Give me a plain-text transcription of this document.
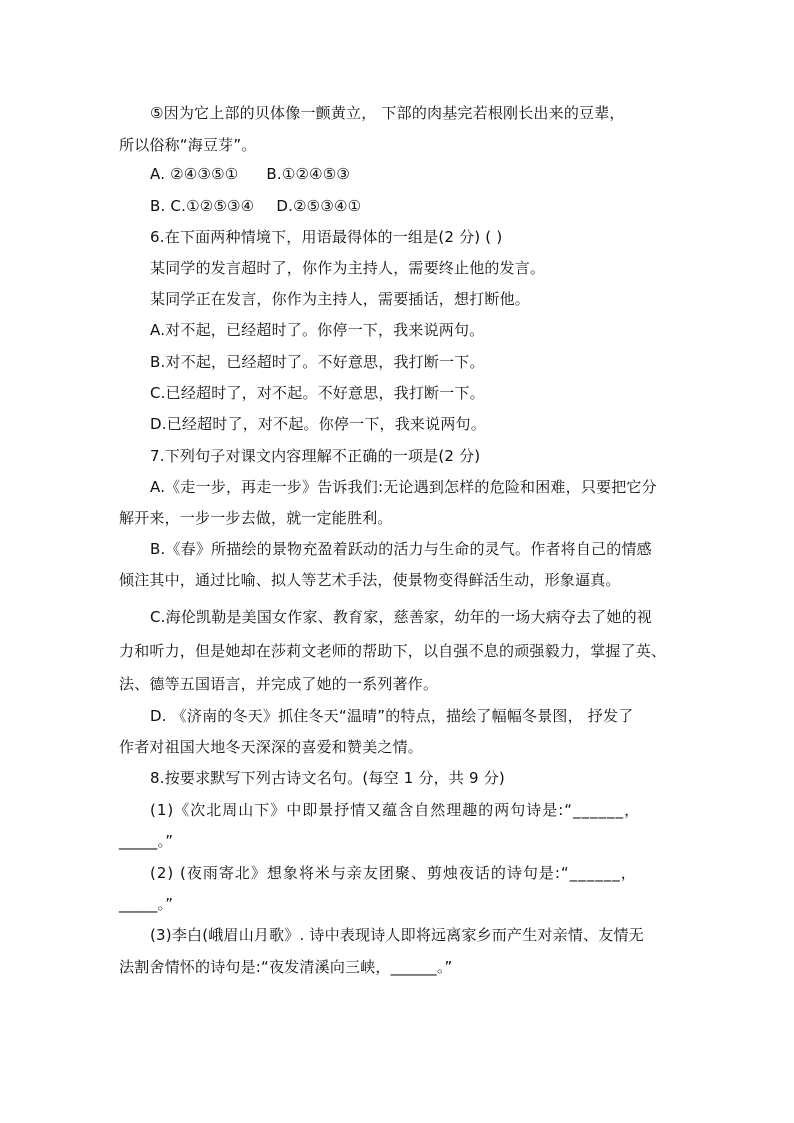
⑤因为它上部的贝体像一颤黄立， 下部的肉基完若根刚长出来的豆辈，
所以俗称“海豆芽”。
A. ②④③⑤① B.①②④⑤③
B. C.①②⑤③④ D.②⑤③④①
6.在下面两种情境下，用语最得体的一组是(2 分) ( )
某同学的发言超时了，你作为主持人，需要终止他的发言。
某同学正在发言，你作为主持人，需要插话，想打断他。
A.对不起，已经超时了。你停一下，我来说两句。
B.对不起，已经超时了。不好意思，我打断一下。
C.已经超时了，对不起。不好意思，我打断一下。
D.已经超时了，对不起。你停一下，我来说两句。
7.下列句子对课文内容理解不正确的一项是(2 分)
A.《走一步，再走一步》告诉我们:无论遇到怎样的危险和困难，只要把它分
解开来，一步一步去做，就一定能胜利。
B.《春》所描绘的景物充盈着跃动的活力与生命的灵气。作者将自己的情感
倾注其中，通过比喻、拟人等艺术手法，使景物变得鲜活生动，形象逼真。
C.海伦凯勒是美国女作家、教育家，慈善家，幼年的一场大病夺去了她的视
力和听力，但是她却在莎莉文老师的帮助下，以自强不息的顽强毅力，掌握了英、
法、德等五国语言，并完成了她的一系列著作。
D. 《济南的冬天》抓住冬天“温晴”的特点，描绘了幅幅冬景图， 抒发了
作者对祖国大地冬天深深的喜爱和赞美之情。
8.按要求默写下列古诗文名句。(每空 1 分，共 9 分)
(1)《次北周山下》中即景抒情又蕴含自然理趣的两句诗是:“______，
_____。”
(2) (夜雨寄北》想象将米与亲友团聚、剪烛夜话的诗句是:“______，
_____。”
(3)李白(峨眉山月歌》. 诗中表现诗人即将远离家乡而产生对亲情、友情无
法割舍情怀的诗句是:“夜发清溪向三峡，______。”
